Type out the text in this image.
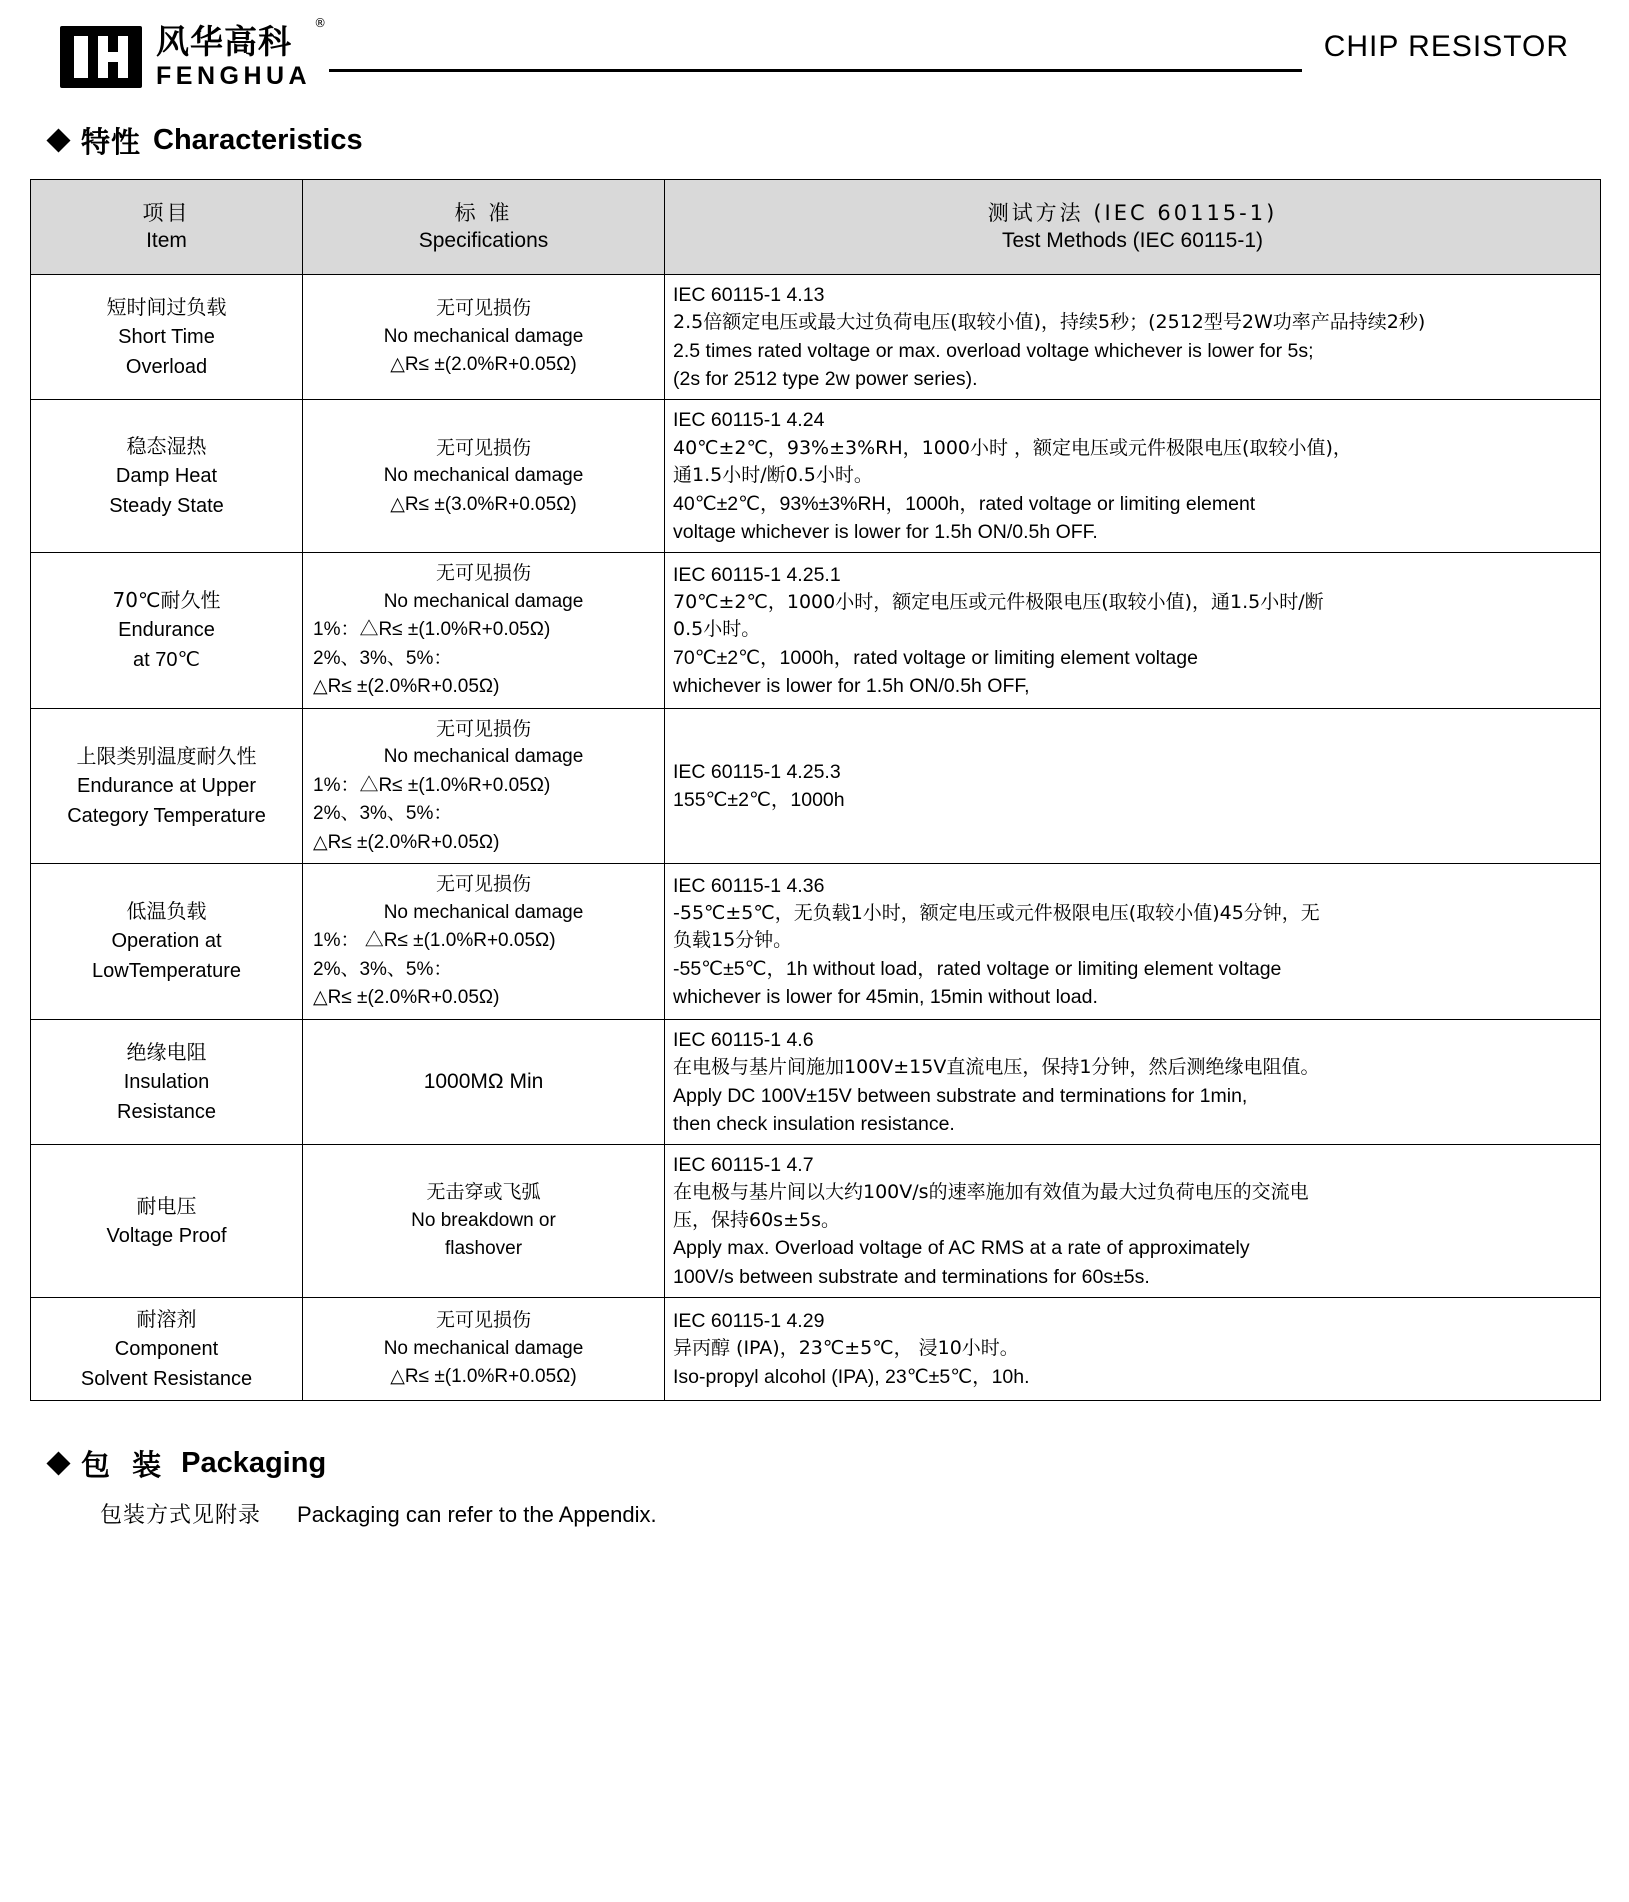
风华高科 ®
FENGHUA
CHIP RESISTOR
特性 Characteristics
项目
Item	标 准
Specifications	测试方法 (IEC 60115-1)
Test Methods (IEC 60115-1)

短时间过负载
Short Time
Overload	无可见损伤
No mechanical damage
△R≤ ±(2.0%R+0.05Ω)	IEC 60115-1 4.13
2.5倍额定电压或最大过负荷电压(取较小值)，持续5秒；(2512型号2W功率产品持续2秒)
2.5 times rated voltage or max. overload voltage whichever is lower for 5s;
(2s for 2512 type 2w power series).

稳态湿热
Damp Heat
Steady State	无可见损伤
No mechanical damage
△R≤ ±(3.0%R+0.05Ω)	IEC 60115-1 4.24
40℃±2℃，93%±3%RH，1000小时 ，额定电压或元件极限电压(取较小值)，
通1.5小时/断0.5小时。
40℃±2℃，93%±3%RH，1000h，rated voltage or limiting element
voltage whichever is lower for 1.5h ON/0.5h OFF.

70℃耐久性
Endurance
at 70℃	无可见损伤
No mechanical damage
1%：△R≤ ±(1.0%R+0.05Ω)
2%、3%、5%：
△R≤ ±(2.0%R+0.05Ω)	IEC 60115-1 4.25.1
70℃±2℃，1000小时，额定电压或元件极限电压(取较小值)，通1.5小时/断
0.5小时。
70℃±2℃，1000h，rated voltage or limiting element voltage
whichever is lower for 1.5h ON/0.5h OFF,

上限类别温度耐久性
Endurance at Upper
Category Temperature	无可见损伤
No mechanical damage
1%：△R≤ ±(1.0%R+0.05Ω)
2%、3%、5%：
△R≤ ±(2.0%R+0.05Ω)	IEC 60115-1 4.25.3
155℃±2℃，1000h

低温负载
Operation at
LowTemperature	无可见损伤
No mechanical damage
1%： △R≤ ±(1.0%R+0.05Ω)
2%、3%、5%：
△R≤ ±(2.0%R+0.05Ω)	IEC 60115-1 4.36
-55℃±5℃，无负载1小时，额定电压或元件极限电压(取较小值)45分钟，无
负载15分钟。
-55℃±5℃，1h without load，rated voltage or limiting element voltage
whichever is lower for 45min, 15min without load.

绝缘电阻
Insulation
Resistance	1000MΩ Min	IEC 60115-1 4.6
在电极与基片间施加100V±15V直流电压，保持1分钟，然后测绝缘电阻值。
Apply DC 100V±15V between substrate and terminations for 1min,
then check insulation resistance.

耐电压
Voltage Proof	无击穿或飞弧
No breakdown or
flashover	IEC 60115-1 4.7
在电极与基片间以大约100V/s的速率施加有效值为最大过负荷电压的交流电
压，保持60s±5s。
Apply max. Overload voltage of AC RMS at a rate of approximately
100V/s between substrate and terminations for 60s±5s.

耐溶剂
Component
Solvent Resistance	无可见损伤
No mechanical damage
△R≤ ±(1.0%R+0.05Ω)	IEC 60115-1 4.29
异丙醇 (IPA)，23℃±5℃， 浸10小时。
Iso-propyl alcohol (IPA), 23℃±5℃，10h.
包 装 Packaging
包装方式见附录 Packaging can refer to the Appendix.
